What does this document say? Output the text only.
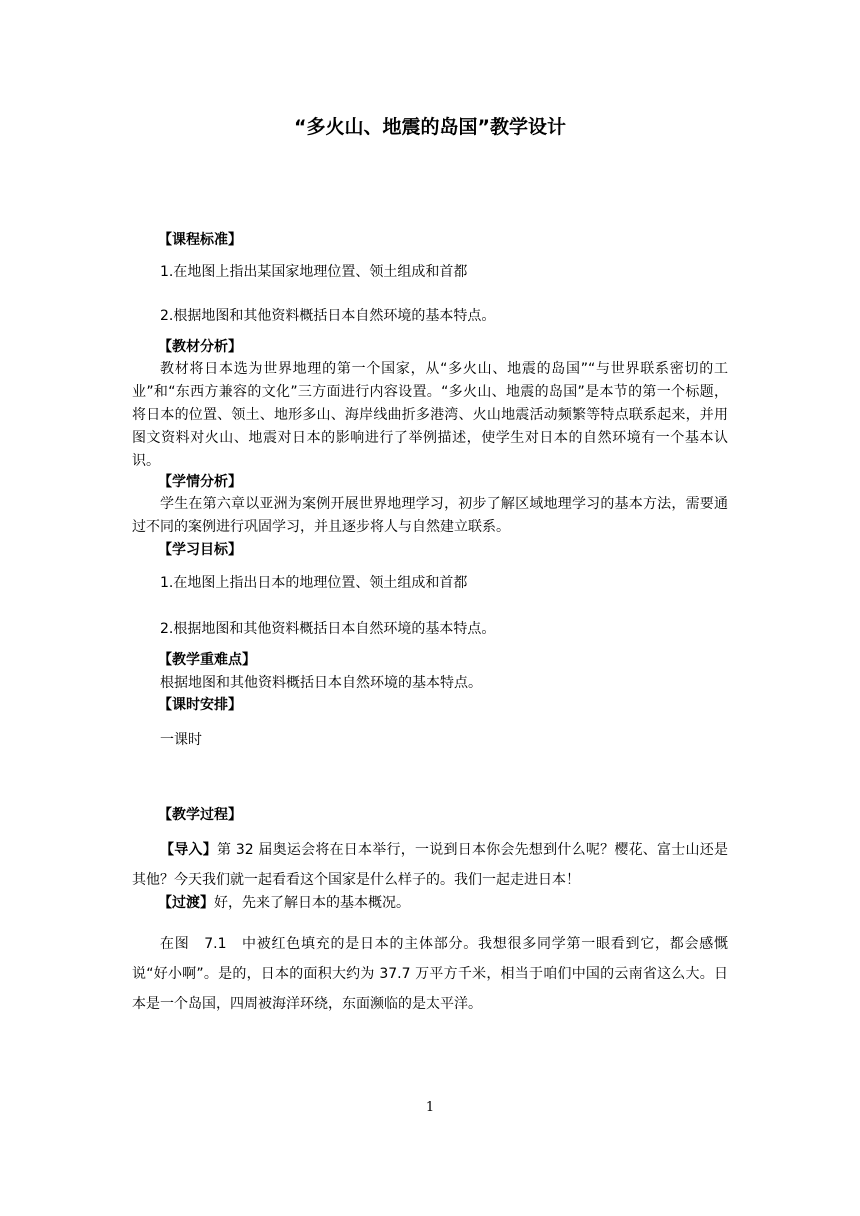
“多火山、地震的岛国”教学设计
【课程标准】
1.在地图上指出某国家地理位置、领土组成和首都
2.根据地图和其他资料概括日本自然环境的基本特点。
【教材分析】
教材将日本选为世界地理的第一个国家，从“多火山、地震的岛国”“与世界联系密切的工业”和“东西方兼容的文化”三方面进行内容设置。“多火山、地震的岛国”是本节的第一个标题，将日本的位置、领土、地形多山、海岸线曲折多港湾、火山地震活动频繁等特点联系起来，并用图文资料对火山、地震对日本的影响进行了举例描述，使学生对日本的自然环境有一个基本认识。
【学情分析】
学生在第六章以亚洲为案例开展世界地理学习，初步了解区域地理学习的基本方法，需要通过不同的案例进行巩固学习，并且逐步将人与自然建立联系。
【学习目标】
1.在地图上指出日本的地理位置、领土组成和首都
2.根据地图和其他资料概括日本自然环境的基本特点。
【教学重难点】
根据地图和其他资料概括日本自然环境的基本特点。
【课时安排】
一课时
【教学过程】
【导入】第 32 届奥运会将在日本举行，一说到日本你会先想到什么呢？樱花、富士山还是其他？今天我们就一起看看这个国家是什么样子的。我们一起走进日本！
【过渡】好，先来了解日本的基本概况。
在图　7.1　中被红色填充的是日本的主体部分。我想很多同学第一眼看到它，都会感慨说“好小啊”。是的，日本的面积大约为 37.7 万平方千米，相当于咱们中国的云南省这么大。日本是一个岛国，四周被海洋环绕，东面濒临的是太平洋。
1
